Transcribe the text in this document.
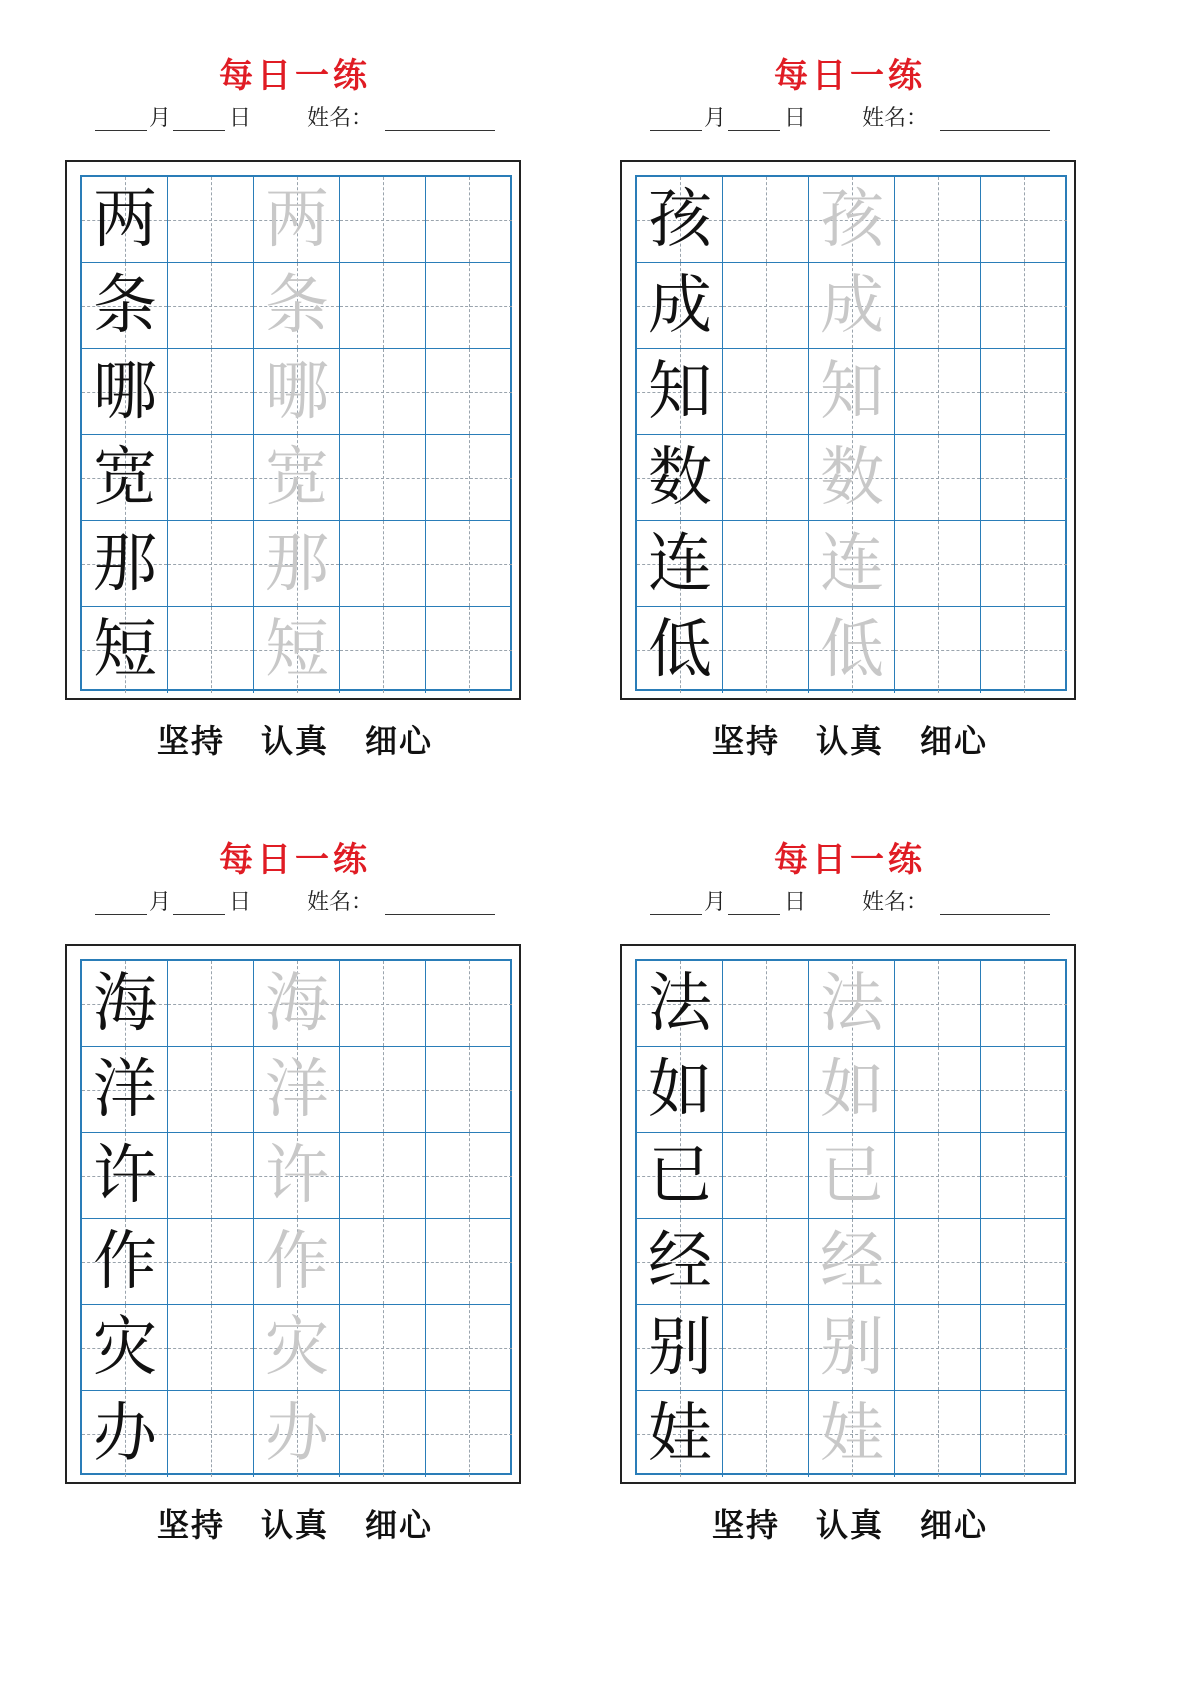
每日一练
月	日	姓名：
两 两
条 条
哪 哪
宽 宽
那 那
短 短
坚持 认真 细心
每日一练
月	日	姓名：
孩 孩
成 成
知 知
数 数
连 连
低 低
坚持 认真 细心
每日一练
月	日	姓名：
海 海
洋 洋
许 许
作 作
灾 灾
办 办
坚持 认真 细心
每日一练
月	日	姓名：
法 法
如 如
已 已
经 经
别 别
娃 娃
坚持 认真 细心
